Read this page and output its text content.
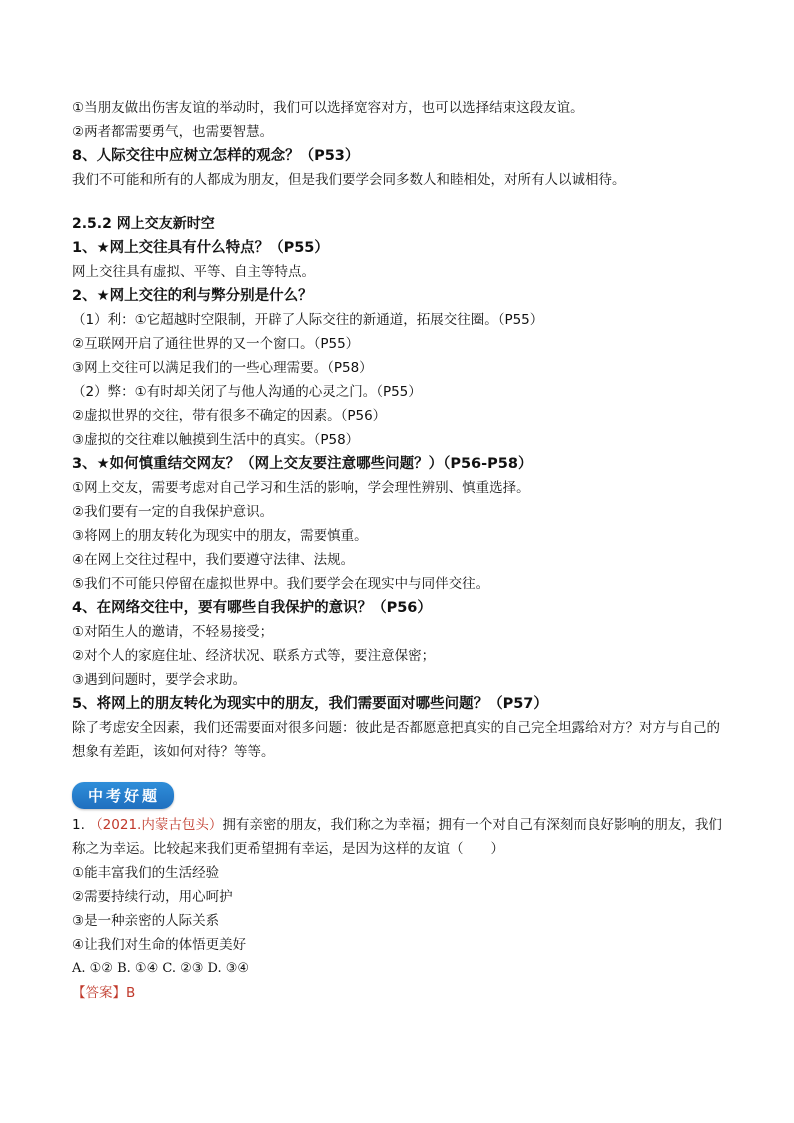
①当朋友做出伤害友谊的举动时，我们可以选择宽容对方，也可以选择结束这段友谊。
②两者都需要勇气，也需要智慧。
8、人际交往中应树立怎样的观念？（P53）
我们不可能和所有的人都成为朋友，但是我们要学会同多数人和睦相处，对所有人以诚相待。
2.5.2 网上交友新时空
1、★网上交往具有什么特点？（P55）
网上交往具有虚拟、平等、自主等特点。
2、★网上交往的利与弊分别是什么？
（1）利：①它超越时空限制，开辟了人际交往的新通道，拓展交往圈。（P55）
②互联网开启了通往世界的又一个窗口。（P55）
③网上交往可以满足我们的一些心理需要。（P58）
（2）弊：①有时却关闭了与他人沟通的心灵之门。（P55）
②虚拟世界的交往，带有很多不确定的因素。（P56）
③虚拟的交往难以触摸到生活中的真实。（P58）
3、★如何慎重结交网友？（网上交友要注意哪些问题？）（P56-P58）
①网上交友，需要考虑对自己学习和生活的影响，学会理性辨别、慎重选择。
②我们要有一定的自我保护意识。
③将网上的朋友转化为现实中的朋友，需要慎重。
④在网上交往过程中，我们要遵守法律、法规。
⑤我们不可能只停留在虚拟世界中。我们要学会在现实中与同伴交往。
4、在网络交往中，要有哪些自我保护的意识？（P56）
①对陌生人的邀请，不轻易接受；
②对个人的家庭住址、经济状况、联系方式等，要注意保密；
③遇到问题时，要学会求助。
5、将网上的朋友转化为现实中的朋友，我们需要面对哪些问题？（P57）
除了考虑安全因素，我们还需要面对很多问题：彼此是否都愿意把真实的自己完全坦露给对方？对方与自己的想象有差距，该如何对待？等等。
中考好题
1. （2021.内蒙古包头）拥有亲密的朋友，我们称之为幸福；拥有一个对自己有深刻而良好影响的朋友，我们称之为幸运。比较起来我们更希望拥有幸运，是因为这样的友谊（　　）
①能丰富我们的生活经验
②需要持续行动，用心呵护
③是一种亲密的人际关系
④让我们对生命的体悟更美好
A. ①② B. ①④ C. ②③ D. ③④
【答案】B
